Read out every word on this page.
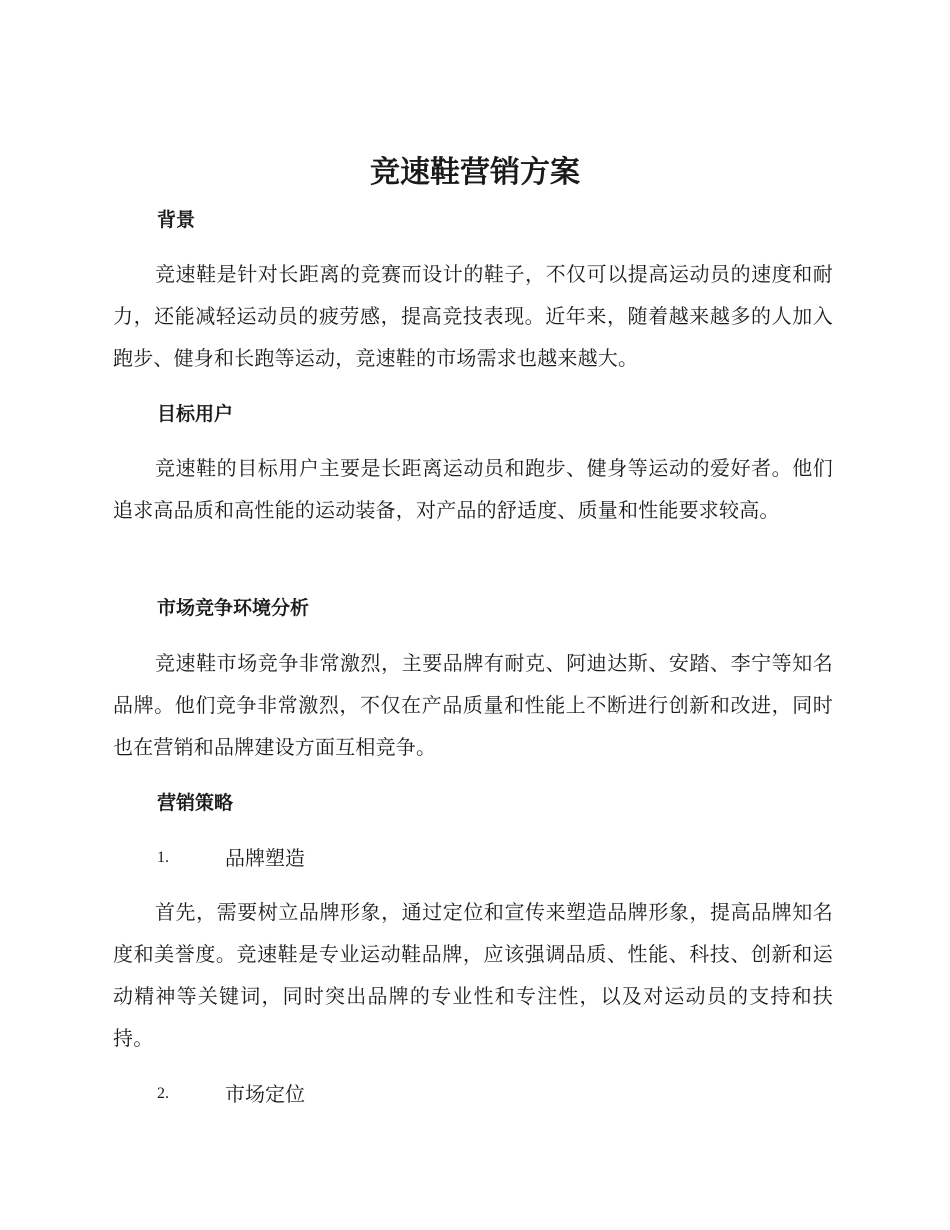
竞速鞋营销方案
背景

竞速鞋是针对长距离的竞赛而设计的鞋子，不仅可以提高运动员的速度和耐力，还能减轻运动员的疲劳感，提高竞技表现。近年来，随着越来越多的人加入跑步、健身和长跑等运动，竞速鞋的市场需求也越来越大。

目标用户

竞速鞋的目标用户主要是长距离运动员和跑步、健身等运动的爱好者。他们追求高品质和高性能的运动装备，对产品的舒适度、质量和性能要求较高。

市场竞争环境分析

竞速鞋市场竞争非常激烈，主要品牌有耐克、阿迪达斯、安踏、李宁等知名品牌。他们竞争非常激烈，不仅在产品质量和性能上不断进行创新和改进，同时也在营销和品牌建设方面互相竞争。

营销策略
1.	品牌塑造

首先，需要树立品牌形象，通过定位和宣传来塑造品牌形象，提高品牌知名度和美誉度。竞速鞋是专业运动鞋品牌，应该强调品质、性能、科技、创新和运动精神等关键词，同时突出品牌的专业性和专注性，以及对运动员的支持和扶持。

2.	市场定位
